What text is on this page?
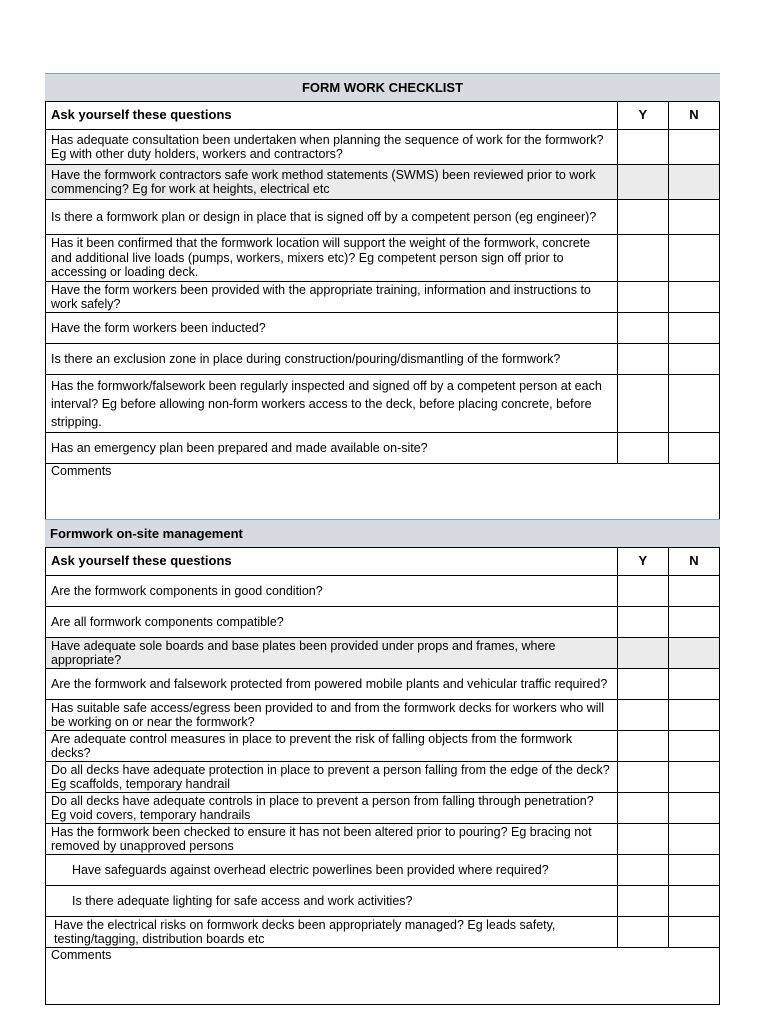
FORM WORK CHECKLIST
Ask yourself these questions	Y	N
Has adequate consultation been undertaken when planning the sequence of work for the formwork? Eg with other duty holders, workers and contractors?		
Have the formwork contractors safe work method statements (SWMS) been reviewed prior to work commencing? Eg for work at heights, electrical etc		
Is there a formwork plan or design in place that is signed off by a competent person (eg engineer)?		
Has it been confirmed that the formwork location will support the weight of the formwork, concrete and additional live loads (pumps, workers, mixers etc)? Eg competent person sign off prior to accessing or loading deck.		
Have the form workers been provided with the appropriate training, information and instructions to work safely?		
Have the form workers been inducted?		
Is there an exclusion zone in place during construction/pouring/dismantling of the formwork?		
Has the formwork/falsework been regularly inspected and signed off by a competent person at each interval? Eg before allowing non-form workers access to the deck, before placing concrete, before stripping.		
Has an emergency plan been prepared and made available on-site?		
Comments		
Formwork on-site management
Ask yourself these questions	Y	N
Are the formwork components in good condition?		
Are all formwork components compatible?		
Have adequate sole boards and base plates been provided under props and frames, where appropriate?		
Are the formwork and falsework protected from powered mobile plants and vehicular traffic required?		
Has suitable safe access/egress been provided to and from the formwork decks for workers who will be working on or near the formwork?		
Are adequate control measures in place to prevent the risk of falling objects from the formwork decks?		
Do all decks have adequate protection in place to prevent a person falling from the edge of the deck? Eg scaffolds, temporary handrail		
Do all decks have adequate controls in place to prevent a person from falling through penetration? Eg void covers, temporary handrails		
Has the formwork been checked to ensure it has not been altered prior to pouring? Eg bracing not removed by unapproved persons		
Have safeguards against overhead electric powerlines been provided where required?		
Is there adequate lighting for safe access and work activities?		
Have the electrical risks on formwork decks been appropriately managed? Eg leads safety, testing/tagging, distribution boards etc		
Comments		
